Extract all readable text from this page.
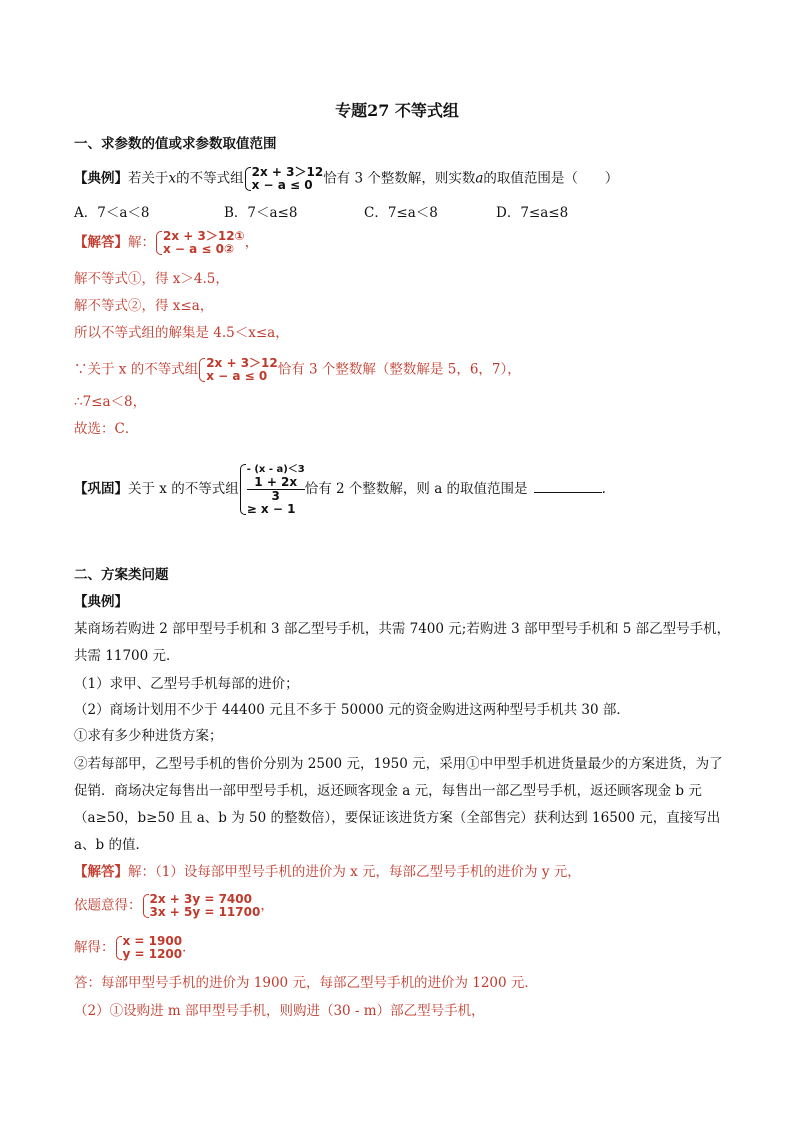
专题27 不等式组
一、求参数的值或求参数取值范围
【典例】若关于x的不等式组 2x + 3＞12
x − a ≤ 0 恰有 3 个整数解，则实数a的取值范围是（　　）
A．7＜a＜8	B．7＜a≤8	C．7≤a＜8	D．7≤a≤8
【解答】解： 2x + 3＞12①
x − a ≤ 0② ，
解不等式①，得 x＞4.5，
解不等式②，得 x≤a，
所以不等式组的解集是 4.5＜x≤a，
∵关于 x 的不等式组 2x + 3＞12
x − a ≤ 0 恰有 3 个整数解（整数解是 5，6，7），
∴7≤a＜8，
故选：C．
【巩固】关于 x 的不等式组
- (x - a)＜3
1 + 2x
3
≥ x − 1
恰有 2 个整数解，则 a 的取值范围是	.
二、方案类问题
【典例】
某商场若购进 2 部甲型号手机和 3 部乙型号手机，共需 7400 元;若购进 3 部甲型号手机和 5 部乙型号手机，
共需 11700 元．
（1）求甲、乙型号手机每部的进价；
（2）商场计划用不少于 44400 元且不多于 50000 元的资金购进这两种型号手机共 30 部．
①求有多少种进货方案；
②若每部甲，乙型号手机的售价分别为 2500 元，1950 元，采用①中甲型手机进货量最少的方案进货，为了
促销．商场决定每售出一部甲型号手机，返还顾客现金 a 元，每售出一部乙型号手机，返还顾客现金 b 元
（a≥50，b≥50 且 a、b 为 50 的整数倍），要保证该进货方案（全部售完）获利达到 16500 元，直接写出
a、b 的值．
【解答】解：（1）设每部甲型号手机的进价为 x 元，每部乙型号手机的进价为 y 元，
依题意得： 2x + 3y = 7400
3x + 5y = 11700 ，
解得： x = 1900
y = 1200 ．
答：每部甲型号手机的进价为 1900 元，每部乙型号手机的进价为 1200 元．
（2）①设购进 m 部甲型号手机，则购进（30 - m）部乙型号手机，
